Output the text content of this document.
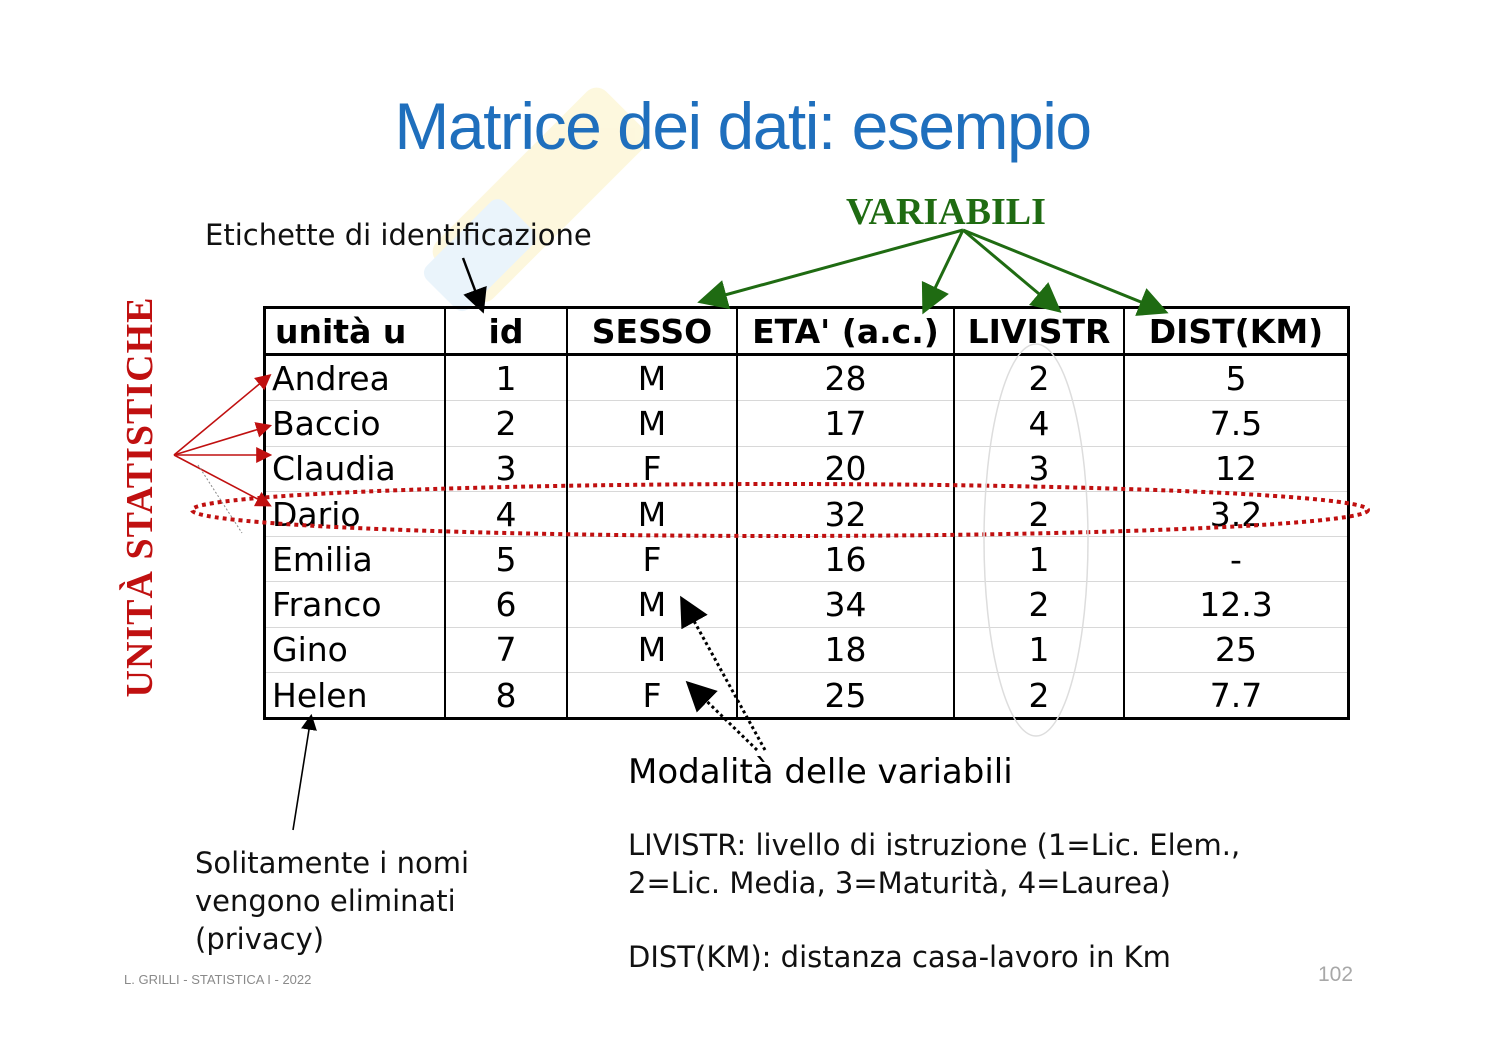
Matrice dei dati: esempio
VARIABILI
Etichette di identificazione
UNITÀ STATISTICHE	unità u	id	SESSO	ETA' (a.c.)	LIVISTR	DIST(KM)
Andrea	1	M	28	2	5
Baccio	2	M	17	4	7.5
Claudia	3	F	20	3	12
Dario	4	M	32	2	3.2
Emilia	5	F	16	1	-
Franco	6	M	34	2	12.3
Gino	7	M	18	1	25
Helen	8	F	25	2	7.7
Modalità delle variabili
Solitamente i nomi
vengono eliminati
(privacy)
LIVISTR: livello di istruzione (1=Lic. Elem.,
2=Lic. Media, 3=Maturità, 4=Laurea)
DIST(KM): distanza casa-lavoro in Km
L. GRILLI - STATISTICA I - 2022	102
